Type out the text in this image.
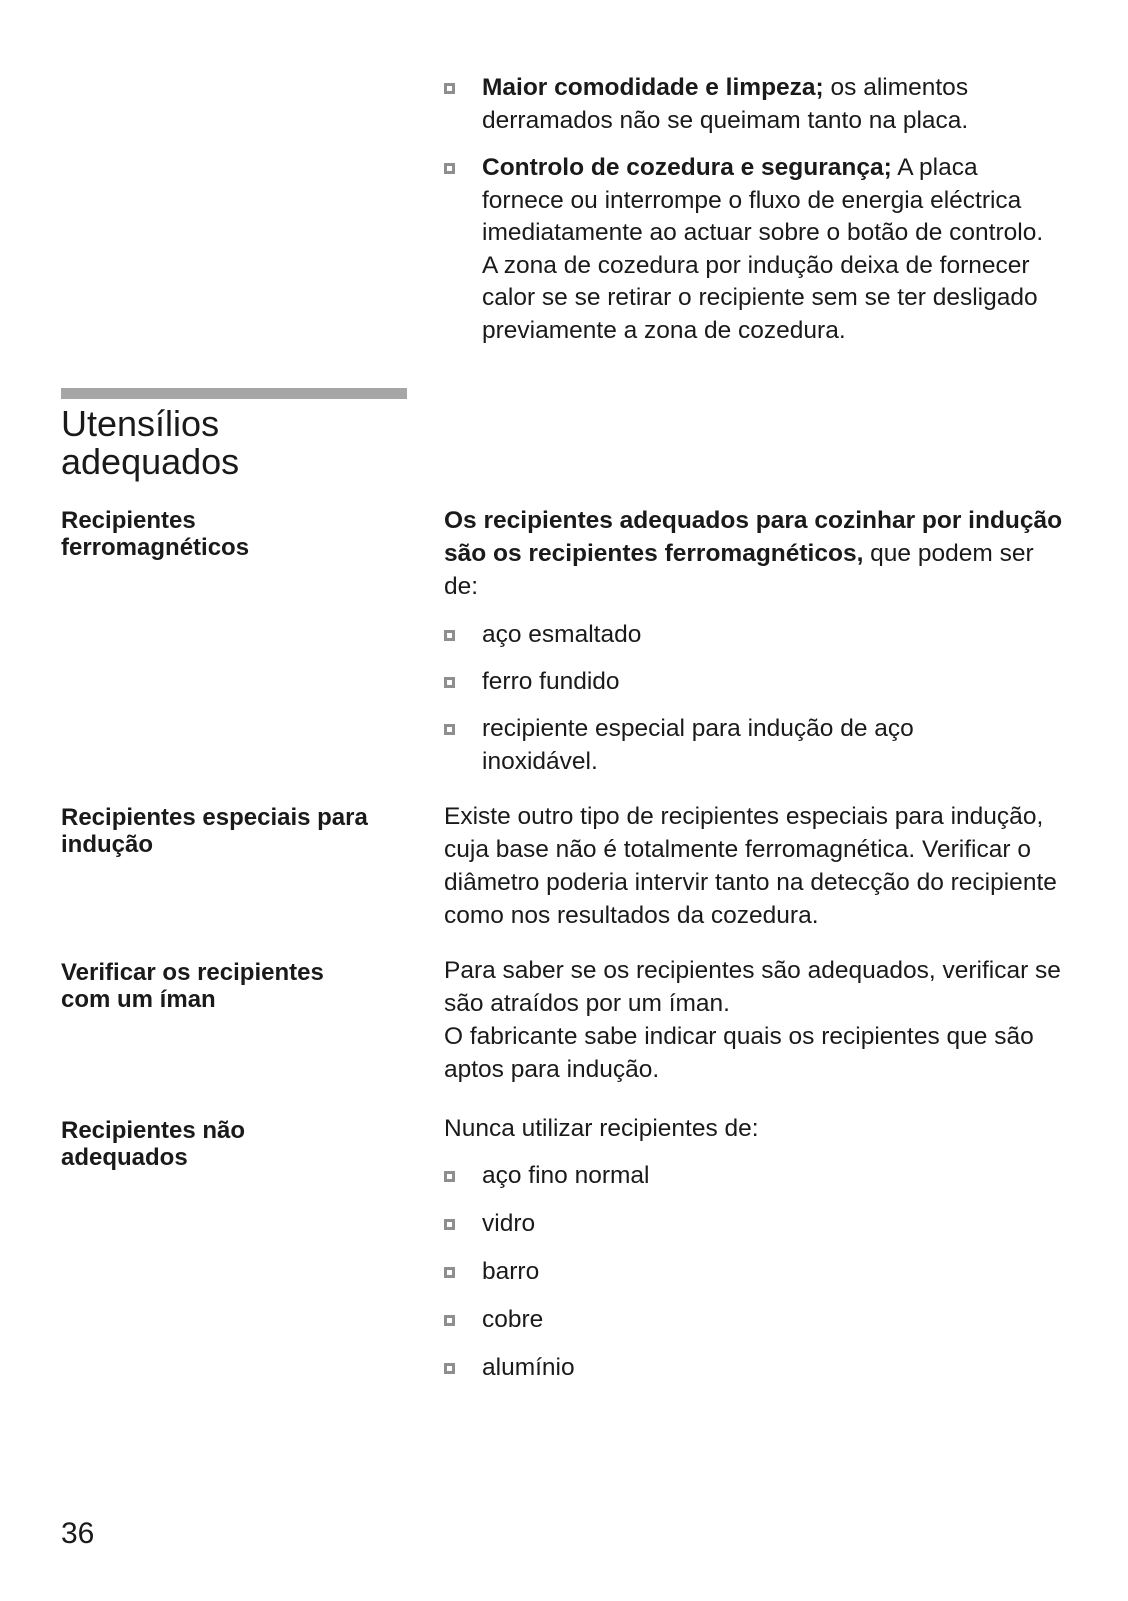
Maior comodidade e limpeza; os alimentos derramados não se queimam tanto na placa.
Controlo de cozedura e segurança; A placa fornece ou interrompe o fluxo de energia eléctrica imediatamente ao actuar sobre o botão de controlo. A zona de cozedura por indução deixa de fornecer calor se se retirar o recipiente sem se ter desligado previamente a zona de cozedura.
Utensílios
adequados
Recipientes ferromagnéticos
Os recipientes adequados para cozinhar por indução são os recipientes ferromagnéticos, que podem ser de:
aço esmaltado
ferro fundido
recipiente especial para indução de aço inoxidável.
Recipientes especiais para indução
Existe outro tipo de recipientes especiais para indução, cuja base não é totalmente ferromagnética. Verificar o diâmetro poderia intervir tanto na detecção do recipiente como nos resultados da cozedura.
Verificar os recipientes com um íman
Para saber se os recipientes são adequados, verificar se são atraídos por um íman.
O fabricante sabe indicar quais os recipientes que são aptos para indução.
Recipientes não adequados
Nunca utilizar recipientes de:
aço fino normal
vidro
barro
cobre
alumínio
36
